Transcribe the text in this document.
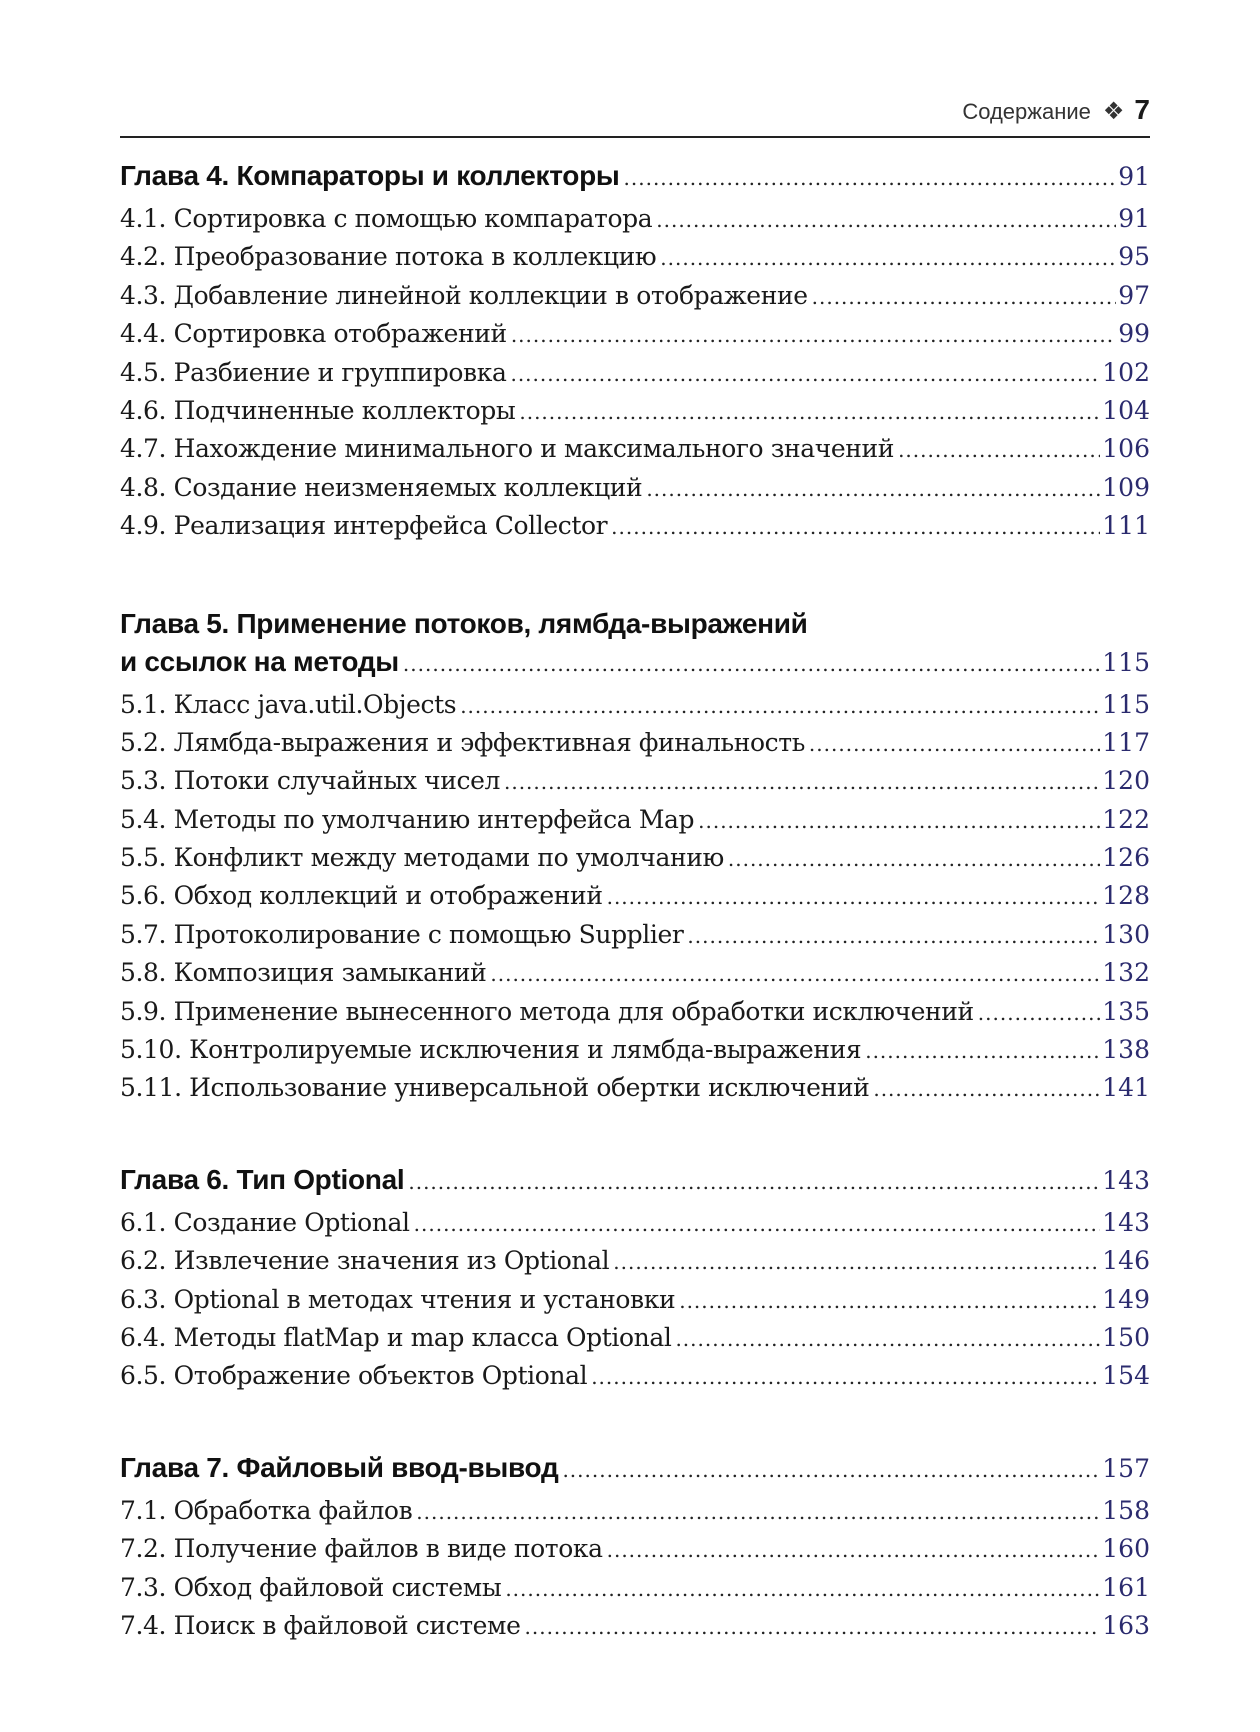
Содержание ❖ 7
Глава 4. Компараторы и коллекторы .....	91
4.1. Сортировка с помощью компаратора .....	91
4.2. Преобразование потока в коллекцию .....	95
4.3. Добавление линейной коллекции в отображение .....	97
4.4. Сортировка отображений .....	99
4.5. Разбиение и группировка .....	102
4.6. Подчиненные коллекторы .....	104
4.7. Нахождение минимального и максимального значений .....	106
4.8. Создание неизменяемых коллекций .....	109
4.9. Реализация интерфейса Collector .....	111
Глава 5. Применение потоков, лямбда-выражений
и ссылок на методы .....	115
5.1. Класс java.util.Objects .....	115
5.2. Лямбда-выражения и эффективная финальность .....	117
5.3. Потоки случайных чисел .....	120
5.4. Методы по умолчанию интерфейса Map .....	122
5.5. Конфликт между методами по умолчанию .....	126
5.6. Обход коллекций и отображений .....	128
5.7. Протоколирование с помощью Supplier .....	130
5.8. Композиция замыканий .....	132
5.9. Применение вынесенного метода для обработки исключений .....	135
5.10. Контролируемые исключения и лямбда-выражения .....	138
5.11. Использование универсальной обертки исключений .....	141
Глава 6. Тип Optional .....	143
6.1. Создание Optional .....	143
6.2. Извлечение значения из Optional .....	146
6.3. Optional в методах чтения и установки .....	149
6.4. Методы flatMap и map класса Optional .....	150
6.5. Отображение объектов Optional .....	154
Глава 7. Файловый ввод-вывод .....	157
7.1. Обработка файлов .....	158
7.2. Получение файлов в виде потока .....	160
7.3. Обход файловой системы .....	161
7.4. Поиск в файловой системе .....	163
